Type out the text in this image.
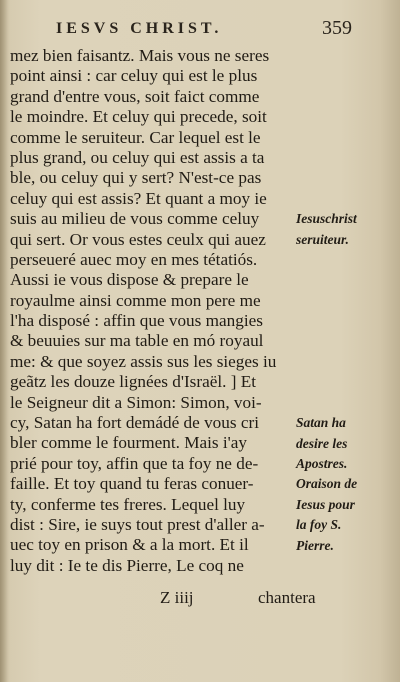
IESVS CHRIST.	359
mez bien faisantz. Mais vous ne seres
point ainsi : car celuy qui est le plus
grand d'entre vous, soit faict comme
le moindre. Et celuy qui precede, soit
comme le seruiteur. Car lequel est le
plus grand, ou celuy qui est assis a ta
ble, ou celuy qui y sert? N'est-ce pas
celuy qui est assis? Et quant a moy ie
suis au milieu de vous comme celuy
qui sert. Or vous estes ceulx qui auez
perseueré auec moy en mes tétatiós.
Aussi ie vous dispose & prepare le
royaulme ainsi comme mon pere me
l'ha disposé : affin que vous mangies
& beuuies sur ma table en mó royaul
me: & que soyez assis sus les sieges iu
geãtz les douze lignées d'Israël. ] Et
le Seigneur dit a Simon: Simon, voi-
cy, Satan ha fort demádé de vous cri
bler comme le fourment. Mais i'ay
prié pour toy, affin que ta foy ne de-
faille. Et toy quand tu feras conuer-
ty, conferme tes freres. Lequel luy
dist : Sire, ie suys tout prest d'aller a-
uec toy en prison & a la mort. Et il
luy dit : Ie te dis Pierre, Le coq ne
Iesuschrist
seruiteur.
Satan ha
desire les
Apostres.
Oraison de
Iesus pour
la foy S.
Pierre.
Z iiij	chantera
